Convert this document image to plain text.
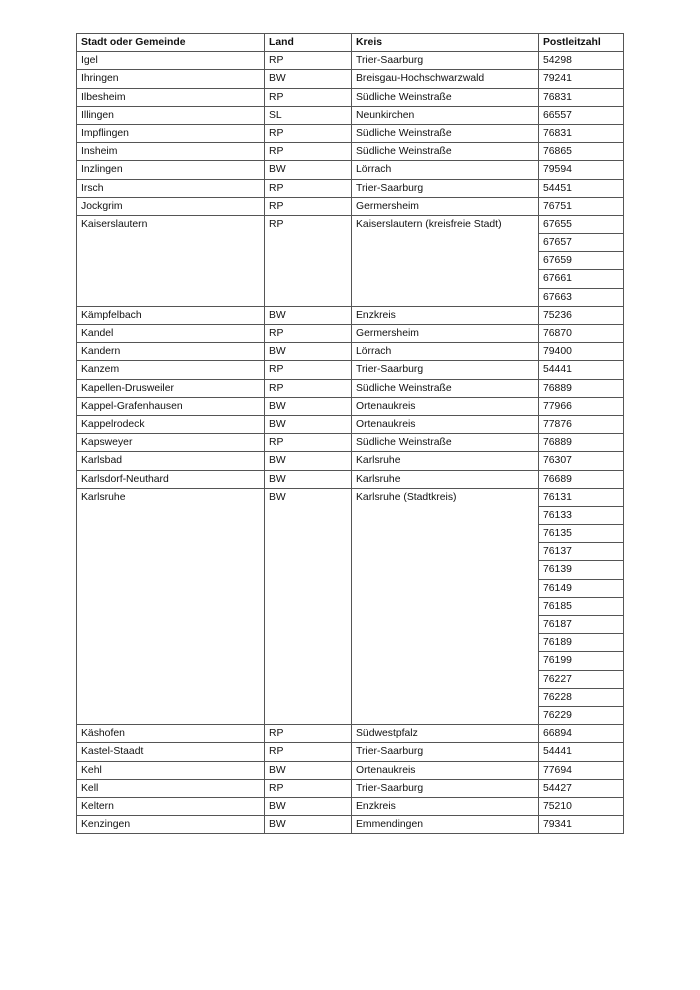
Stadt oder Gemeinde	Land	Kreis	Postleitzahl
Igel	RP	Trier-Saarburg	54298
Ihringen	BW	Breisgau-Hochschwarzwald	79241
Ilbesheim	RP	Südliche Weinstraße	76831
Illingen	SL	Neunkirchen	66557
Impflingen	RP	Südliche Weinstraße	76831
Insheim	RP	Südliche Weinstraße	76865
Inzlingen	BW	Lörrach	79594
Irsch	RP	Trier-Saarburg	54451
Jockgrim	RP	Germersheim	76751
Kaiserslautern	RP	Kaiserslautern (kreisfreie Stadt)	67655
			67657
			67659
			67661
			67663
Kämpfelbach	BW	Enzkreis	75236
Kandel	RP	Germersheim	76870
Kandern	BW	Lörrach	79400
Kanzem	RP	Trier-Saarburg	54441
Kapellen-Drusweiler	RP	Südliche Weinstraße	76889
Kappel-Grafenhausen	BW	Ortenaukreis	77966
Kappelrodeck	BW	Ortenaukreis	77876
Kapsweyer	RP	Südliche Weinstraße	76889
Karlsbad	BW	Karlsruhe	76307
Karlsdorf-Neuthard	BW	Karlsruhe	76689
Karlsruhe	BW	Karlsruhe (Stadtkreis)	76131
			76133
			76135
			76137
			76139
			76149
			76185
			76187
			76189
			76199
			76227
			76228
			76229
Käshofen	RP	Südwestpfalz	66894
Kastel-Staadt	RP	Trier-Saarburg	54441
Kehl	BW	Ortenaukreis	77694
Kell	RP	Trier-Saarburg	54427
Keltern	BW	Enzkreis	75210
Kenzingen	BW	Emmendingen	79341
